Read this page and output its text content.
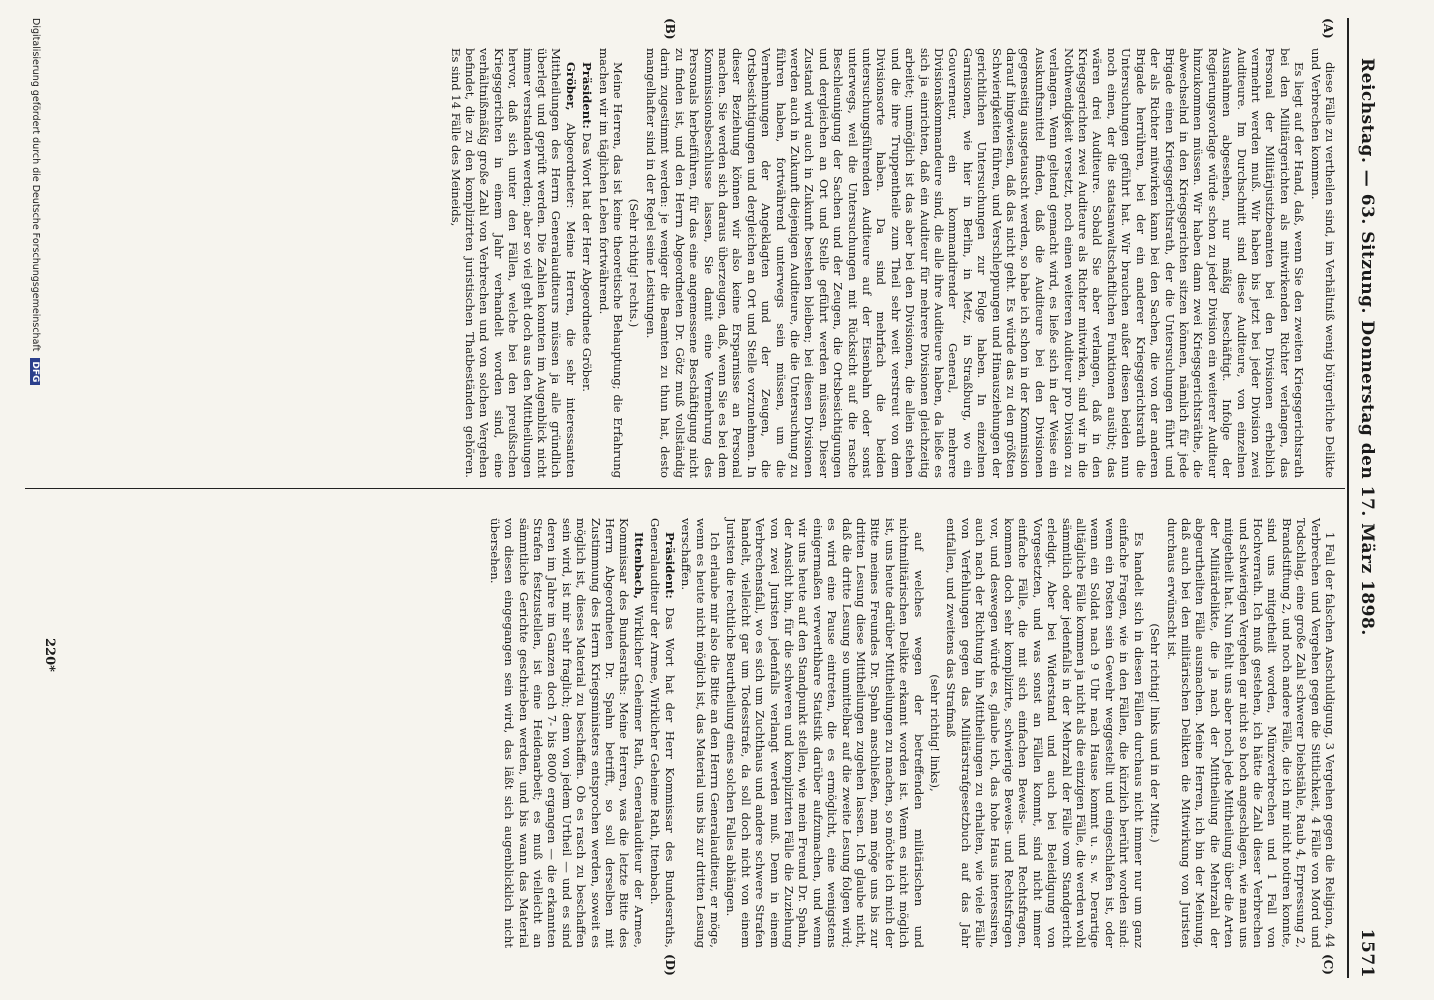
Reichstag. — 63. Sitzung. Donnerstag den 17. März 1898.
1571
(A)
(B)
(C)
(D)

diese Fälle zu vertheilen sind, im Verhältniß wenig bürgerliche Delikte und Verbrechen kommen.

Es liegt auf der Hand, daß, wenn Sie den zweiten Kriegsgerichtsrath bei den Militärgerichten als mitwirkenden Richter verlangen, das Personal der Militärjustizbeamten bei den Divisionen erheblich vermehrt werden muß. Wir haben bis jetzt bei jeder Division zwei Auditeure. Im Durchschnitt sind diese Auditeure, von einzelnen Ausnahmen abgesehen, nur mäßig beschäftigt. Infolge der Regierungsvorlage würde schon zu jeder Division ein weiterer Auditeur hinzukommen müssen. Wir haben dann zwei Kriegsgerichtsräthe, die abwechselnd in den Kriegsgerichten sitzen können, nämlich für jede Brigade einen Kriegsgerichtsrath, der die Untersuchungen führt und der als Richter mitwirken kann bei den Sachen, die von der anderen Brigade herrühren, bei der ein anderer Kriegsgerichtsrath die Untersuchungen geführt hat. Wir brauchen außer diesen beiden nun noch einen, der die staatsanwaltschaftlichen Funktionen ausübt; das wären drei Auditeure. Sobald Sie aber verlangen, daß in den Kriegsgerichten zwei Auditeure als Richter mitwirken, sind wir in die Nothwendigkeit versetzt, noch einen weiteren Auditeur pro Division zu verlangen. Wenn geltend gemacht wird, es ließe sich in der Weise ein Auskunftsmittel finden, daß die Auditeure bei den Divisionen gegenseitig ausgetauscht werden, so habe ich schon in der Kommission darauf hingewiesen, daß das nicht geht. Es würde das zu den größten Schwierigkeiten führen, und Verschleppungen und Hinausziehungen der gerichtlichen Untersuchungen zur Folge haben. In einzelnen Garnisonen, wie hier in Berlin, in Metz, in Straßburg, wo ein Gouverneur, ein kommandirender General, mehrere Divisionskommandeure sind, die alle ihre Auditeure haben, da ließe es sich ja einrichten, daß ein Auditeur für mehrere Divisionen gleichzeitig arbeitet; unmöglich ist das aber bei den Divisionen, die allein stehen und die ihre Truppentheile zum Theil sehr weit verstreut von dem Divisionsorte haben. Da sind mehrfach die beiden untersuchungsführenden Auditeure auf der Eisenbahn oder sonst unterwegs, weil die Untersuchungen mit Rücksicht auf die rasche Beschleunigung der Sachen und der Zeugen, die Ortsbesichtigungen und dergleichen an Ort und Stelle geführt werden müssen. Dieser Zustand wird auch in Zukunft bestehen bleiben; bei diesen Divisionen werden auch in Zukunft diejenigen Auditeure, die die Untersuchung zu führen haben, fortwährend unterwegs sein müssen, um die Vernehmungen der Angeklagten und der Zeugen, die Ortsbesichtigungen und dergleichen an Ort und Stelle vorzunehmen. In dieser Beziehung können wir also keine Ersparnisse an Personal machen. Sie werden sich daraus überzeugen, daß, wenn Sie es bei dem Kommissionsbeschlusse lassen, Sie damit eine Vermehrung des Personals herbeiführen, für das eine angemessene Beschäftigung nicht zu finden ist, und den Herrn Abgeordneten Dr. Götz muß vollständig darin zugestimmt werden: je weniger die Beamten zu thun hat, desto mangelhafter sind in der Regel seine Leistungen.

(Sehr richtig! rechts.)

Meine Herren, das ist keine theoretische Behauptung; die Erfahrung machen wir im täglichen Leben fortwährend.

Präsident: Das Wort hat der Herr Abgeordnete Gröber.

Gröber, Abgeordneter: Meine Herren, die sehr interessanten Mittheilungen des Herrn Generalauditeurs müssen ja alle gründlich überlegt und geprüft werden. Die Zahlen konnten im Augenblick nicht immer verstanden werden; aber so viel geht doch aus den Mittheilungen hervor, daß sich unter den Fällen, welche bei den preußischen Kriegsgerichten in einem Jahr verhandelt worden sind, eine verhältnißmäßig große Zahl von Verbrechen und von solchen Vergehen befindet, die zu den komplizirten juristischen Thatbeständen gehören. Es sind 14 Fälle des Meineids,

1 Fall der falschen Anschuldigung, 3 Vergehen gegen die Religion, 44 Verbrechen und Vergehen gegen die Sittlichkeit, 4 Fälle von Mord und Todschlag, eine große Zahl schwerer Diebstähle, Raub 4, Erpressung 2, Brandstiftung 2, und noch andere Fälle, die ich mir nicht notiren konnte, sind uns mitgetheilt worden, Münzverbrechen und 1 Fall von Hochverrath. Ich muß gestehen, ich hätte die Zahl dieser Verbrechen und schwierigen Vergehen gar nicht so hoch angeschlagen, wie man uns mitgetheilt hat. Nun fehlt uns aber noch jede Mittheilung über die Arten der Militärdelikte, die ja nach der Mittheilung die Mehrzahl der abgeurtheilten Fälle ausmachen. Meine Herren, ich bin der Meinung, daß auch bei den militärischen Delikten die Mitwirkung von Juristen durchaus erwünscht ist.

(Sehr richtig! links und in der Mitte.)

Es handelt sich in diesen Fällen durchaus nicht immer nur um ganz einfache Fragen, wie in den Fällen, die kürzlich berührt worden sind: wenn ein Posten sein Gewehr weggestellt und eingeschlafen ist, oder wenn ein Soldat nach 9 Uhr nach Hause kommt u. s. w. Derartige alltägliche Fälle kommen ja nicht als die einzigen Fälle, die werden wohl sämmtlich oder jedenfalls in der Mehrzahl der Fälle vom Standgericht erledigt. Aber bei Widerstand und auch bei Beleidigung von Vorgesetzten, und was sonst an Fällen kommt, sind nicht immer einfache Fälle, die mit sich einfachen Beweis- und Rechtsfragen, kommen doch sehr komplizirte, schwierige Beweis- und Rechtsfragen vor, und deswegen würde es, glaube ich, das hohe Haus interessiren, auch nach der Richtung hin Mittheilungen zu erhalten, wie viele Fälle von Verfehlungen gegen das Militärstrafgesetzbuch auf das Jahr entfallen, und zweitens das Strafmaß

(sehr richtig! links),

auf welches wegen der betreffenden militärischen und nichtmilitärischen Delikte erkannt worden ist. Wenn es nicht möglich ist, uns heute darüber Mittheilungen zu machen, so möchte ich mich der Bitte meines Freundes Dr. Spahn anschließen, man möge uns bis zur dritten Lesung diese Mittheilungen zugehen lassen. Ich glaube nicht, daß die dritte Lesung so unmittelbar auf die zweite Lesung folgen wird; es wird eine Pause eintreten, die es ermöglicht, eine wenigstens einigermaßen verwerthbare Statistik darüber aufzumachen, und wenn wir uns heute auf den Standpunkt stellen, wie mein Freund Dr. Spahn, der Ansicht bin, für die schweren und komplizirten Fälle die Zuziehung von zwei Juristen jedenfalls verlangt werden muß. Denn in einem Verbrechensfall, wo es sich um Zuchthaus und andere schwere Strafen handelt, vielleicht gar um Todesstrafe, da soll doch nicht von einem Juristen die rechtliche Beurtheilung eines solchen Falles abhängen.

Ich erlaube mir also die Bitte an den Herrn Generalauditeur, er möge, wenn es heute nicht möglich ist, das Material uns bis zur dritten Lesung verschaffen.

Präsident: Das Wort hat der Herr Kommissar des Bundesraths, Generalauditeur der Armee, Wirklicher Geheime Rath, Ittenbach.

Ittenbach, Wirklicher Geheimer Rath, Generalauditeur der Armee, Kommissar des Bundesraths: Meine Herren, was die letzte Bitte des Herrn Abgeordneten Dr. Spahn betrifft, so soll derselben mit Zustimmung des Herrn Kriegsministers entsprochen werden, soweit es möglich ist, dieses Material zu beschaffen. Ob es rasch zu beschaffen sein wird, ist mir sehr fraglich; denn von jedem Urtheil — und es sind deren im Jahre im Ganzen doch 7- bis 8000 ergangen — die erkannten Strafen festzustellen, ist eine Heidenarbeit; es muß vielleicht an sämmtliche Gerichte geschrieben werden, und bis wann das Material von diesen eingegangen sein wird, das läßt sich augenblicklich nicht übersehen.

220*
Digitalisierung gefördert durch die Deutsche Forschungsgemeinschaft DFG
